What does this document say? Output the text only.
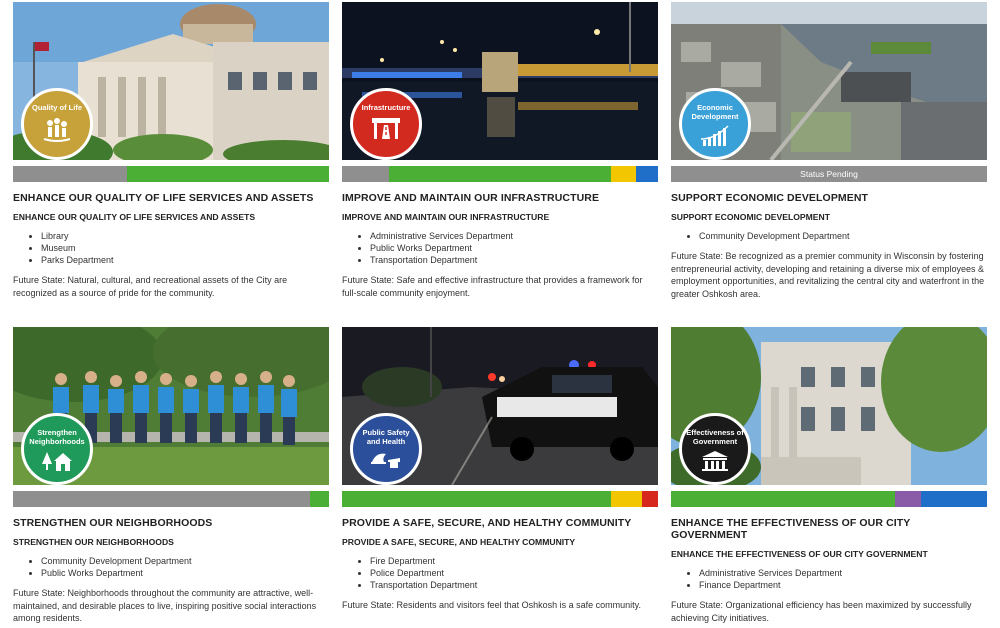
Quality of Life
ENHANCE OUR QUALITY OF LIFE SERVICES AND ASSETS
ENHANCE OUR QUALITY OF LIFE SERVICES AND ASSETS
• Library
• Museum
• Parks Department
Future State: Natural, cultural, and recreational assets of the City are recognized as a source of pride for the community.
Infrastructure
IMPROVE AND MAINTAIN OUR INFRASTRUCTURE
IMPROVE AND MAINTAIN OUR INFRASTRUCTURE
• Administrative Services Department
• Public Works Department
• Transportation Department
Future State: Safe and effective infrastructure that provides a framework for full-scale community enjoyment.
Economic Development
Status Pending
SUPPORT ECONOMIC DEVELOPMENT
SUPPORT ECONOMIC DEVELOPMENT
• Community Development Department
Future State: Be recognized as a premier community in Wisconsin by fostering entrepreneurial activity, developing and retaining a diverse mix of employees & employment opportunities, and revitalizing the central city and waterfront in the greater Oshkosh area.
Strengthen Neighborhoods
STRENGTHEN OUR NEIGHBORHOODS
STRENGTHEN OUR NEIGHBORHOODS
• Community Development Department
• Public Works Department
Future State: Neighborhoods throughout the community are attractive, well-maintained, and desirable places to live, inspiring positive social interactions among residents.
Public Safety and Health
PROVIDE A SAFE, SECURE, AND HEALTHY COMMUNITY
PROVIDE A SAFE, SECURE, AND HEALTHY COMMUNITY
• Fire Department
• Police Department
• Transportation Department
Future State: Residents and visitors feel that Oshkosh is a safe community.
Effectiveness of Government
ENHANCE THE EFFECTIVENESS OF OUR CITY GOVERNMENT
ENHANCE THE EFFECTIVENESS OF OUR CITY GOVERNMENT
• Administrative Services Department
• Finance Department
Future State: Organizational efficiency has been maximized by successfully achieving City initiatives.
